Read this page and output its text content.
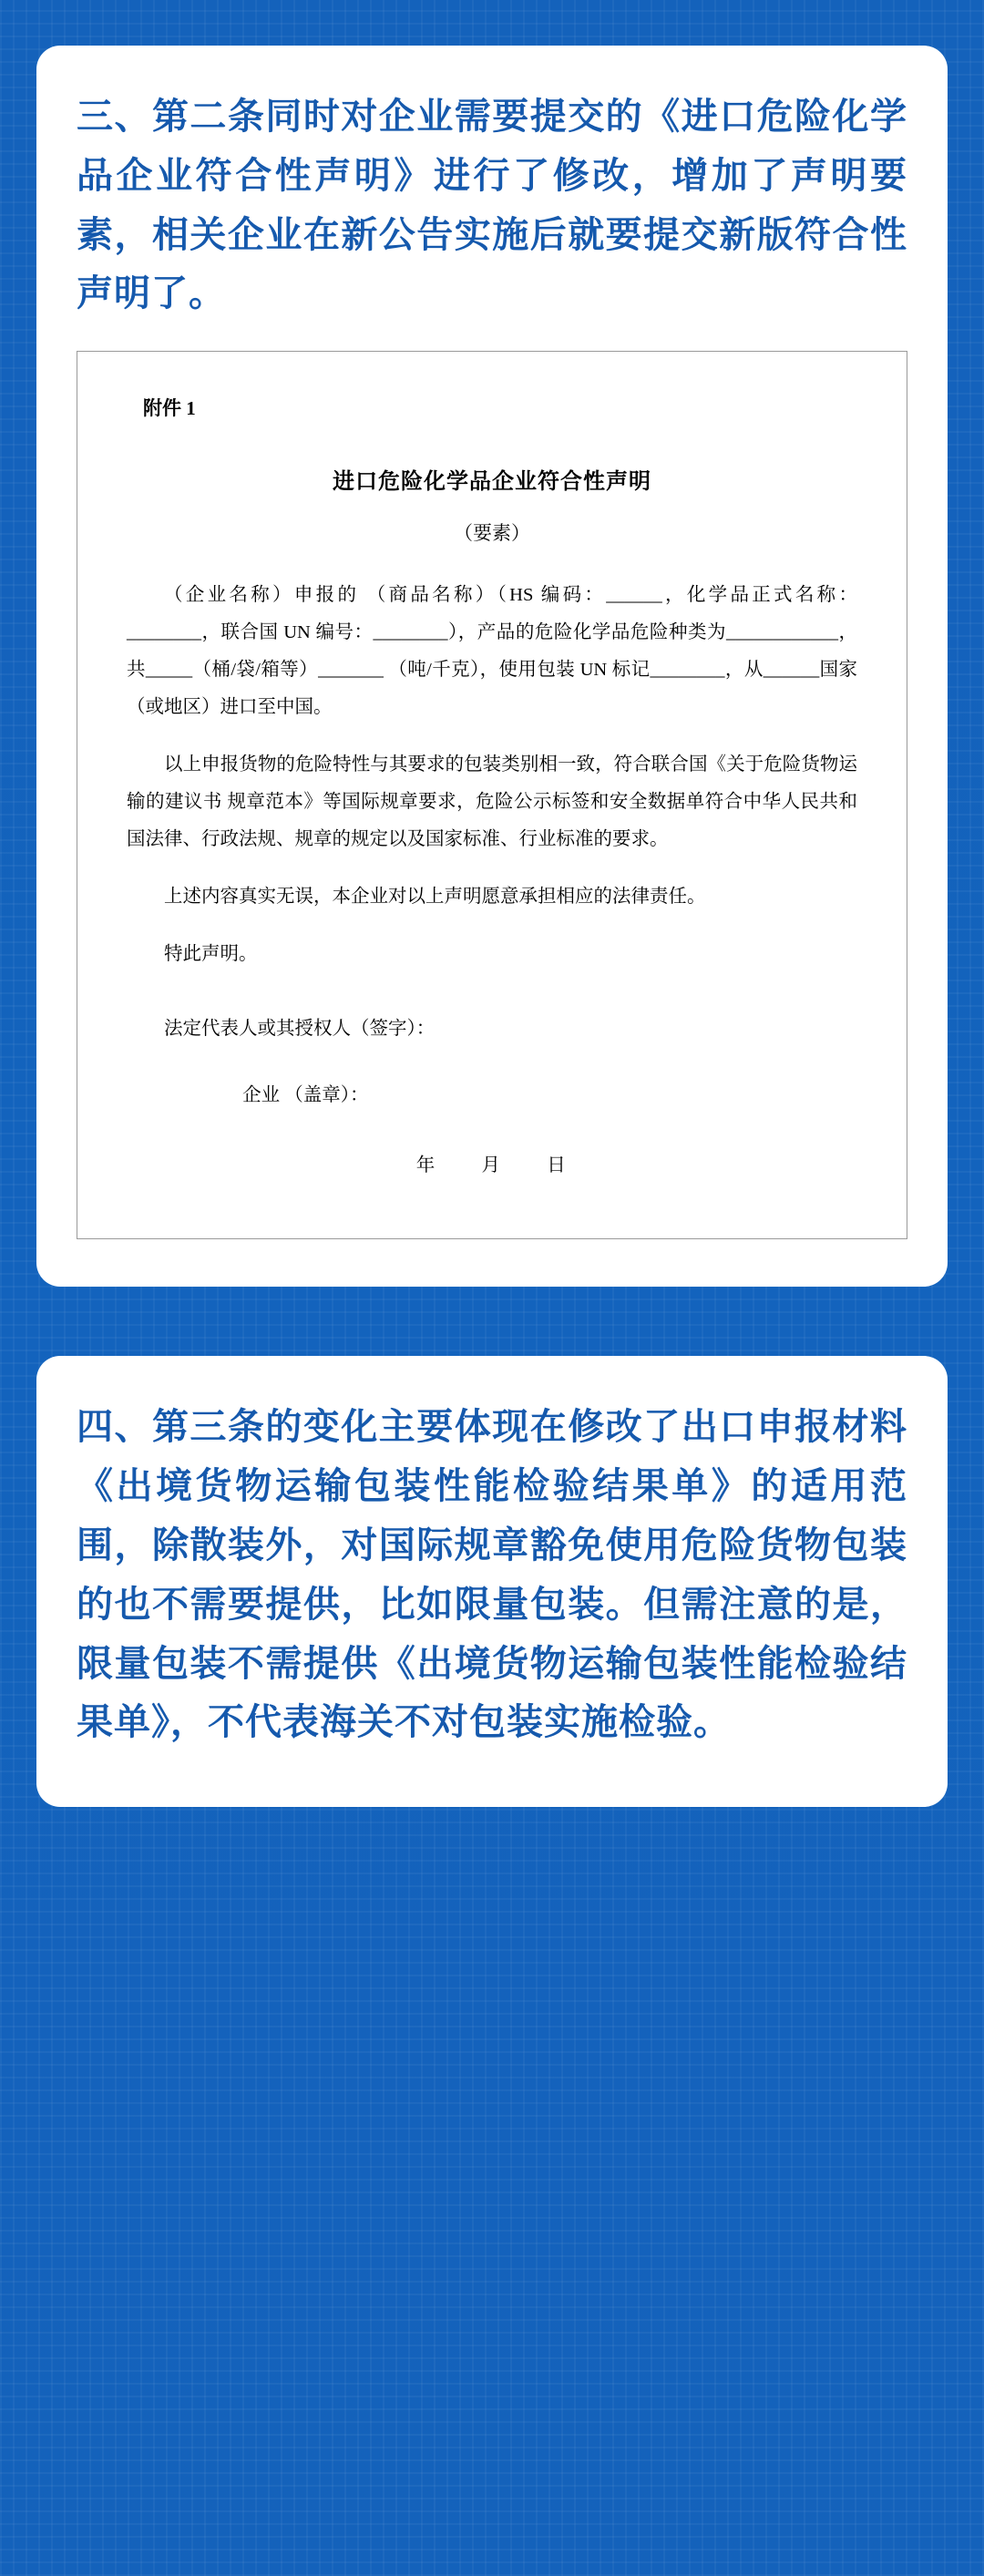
三、第二条同时对企业需要提交的《进口危险化学品企业符合性声明》进行了修改，增加了声明要素，相关企业在新公告实施后就要提交新版符合性声明了。

附件 1
进口危险化学品企业符合性声明
（要素）

（企业名称）申报的 （商品名称）（HS 编码：______，化学品正式名称：________，联合国 UN 编号：________），产品的危险化学品危险种类为____________，共_____（桶/袋/箱等）_______ （吨/千克），使用包装 UN 标记________，从______国家（或地区）进口至中国。

以上申报货物的危险特性与其要求的包装类别相一致，符合联合国《关于危险货物运输的建议书 规章范本》等国际规章要求，危险公示标签和安全数据单符合中华人民共和国法律、行政法规、规章的规定以及国家标准、行业标准的要求。

上述内容真实无误，本企业对以上声明愿意承担相应的法律责任。

特此声明。

法定代表人或其授权人（签字）：

企业 （盖章）：

年 月 日

四、第三条的变化主要体现在修改了出口申报材料《出境货物运输包装性能检验结果单》的适用范围，除散装外，对国际规章豁免使用危险货物包装的也不需要提供，比如限量包装。但需注意的是，限量包装不需提供《出境货物运输包装性能检验结果单》，不代表海关不对包装实施检验。
